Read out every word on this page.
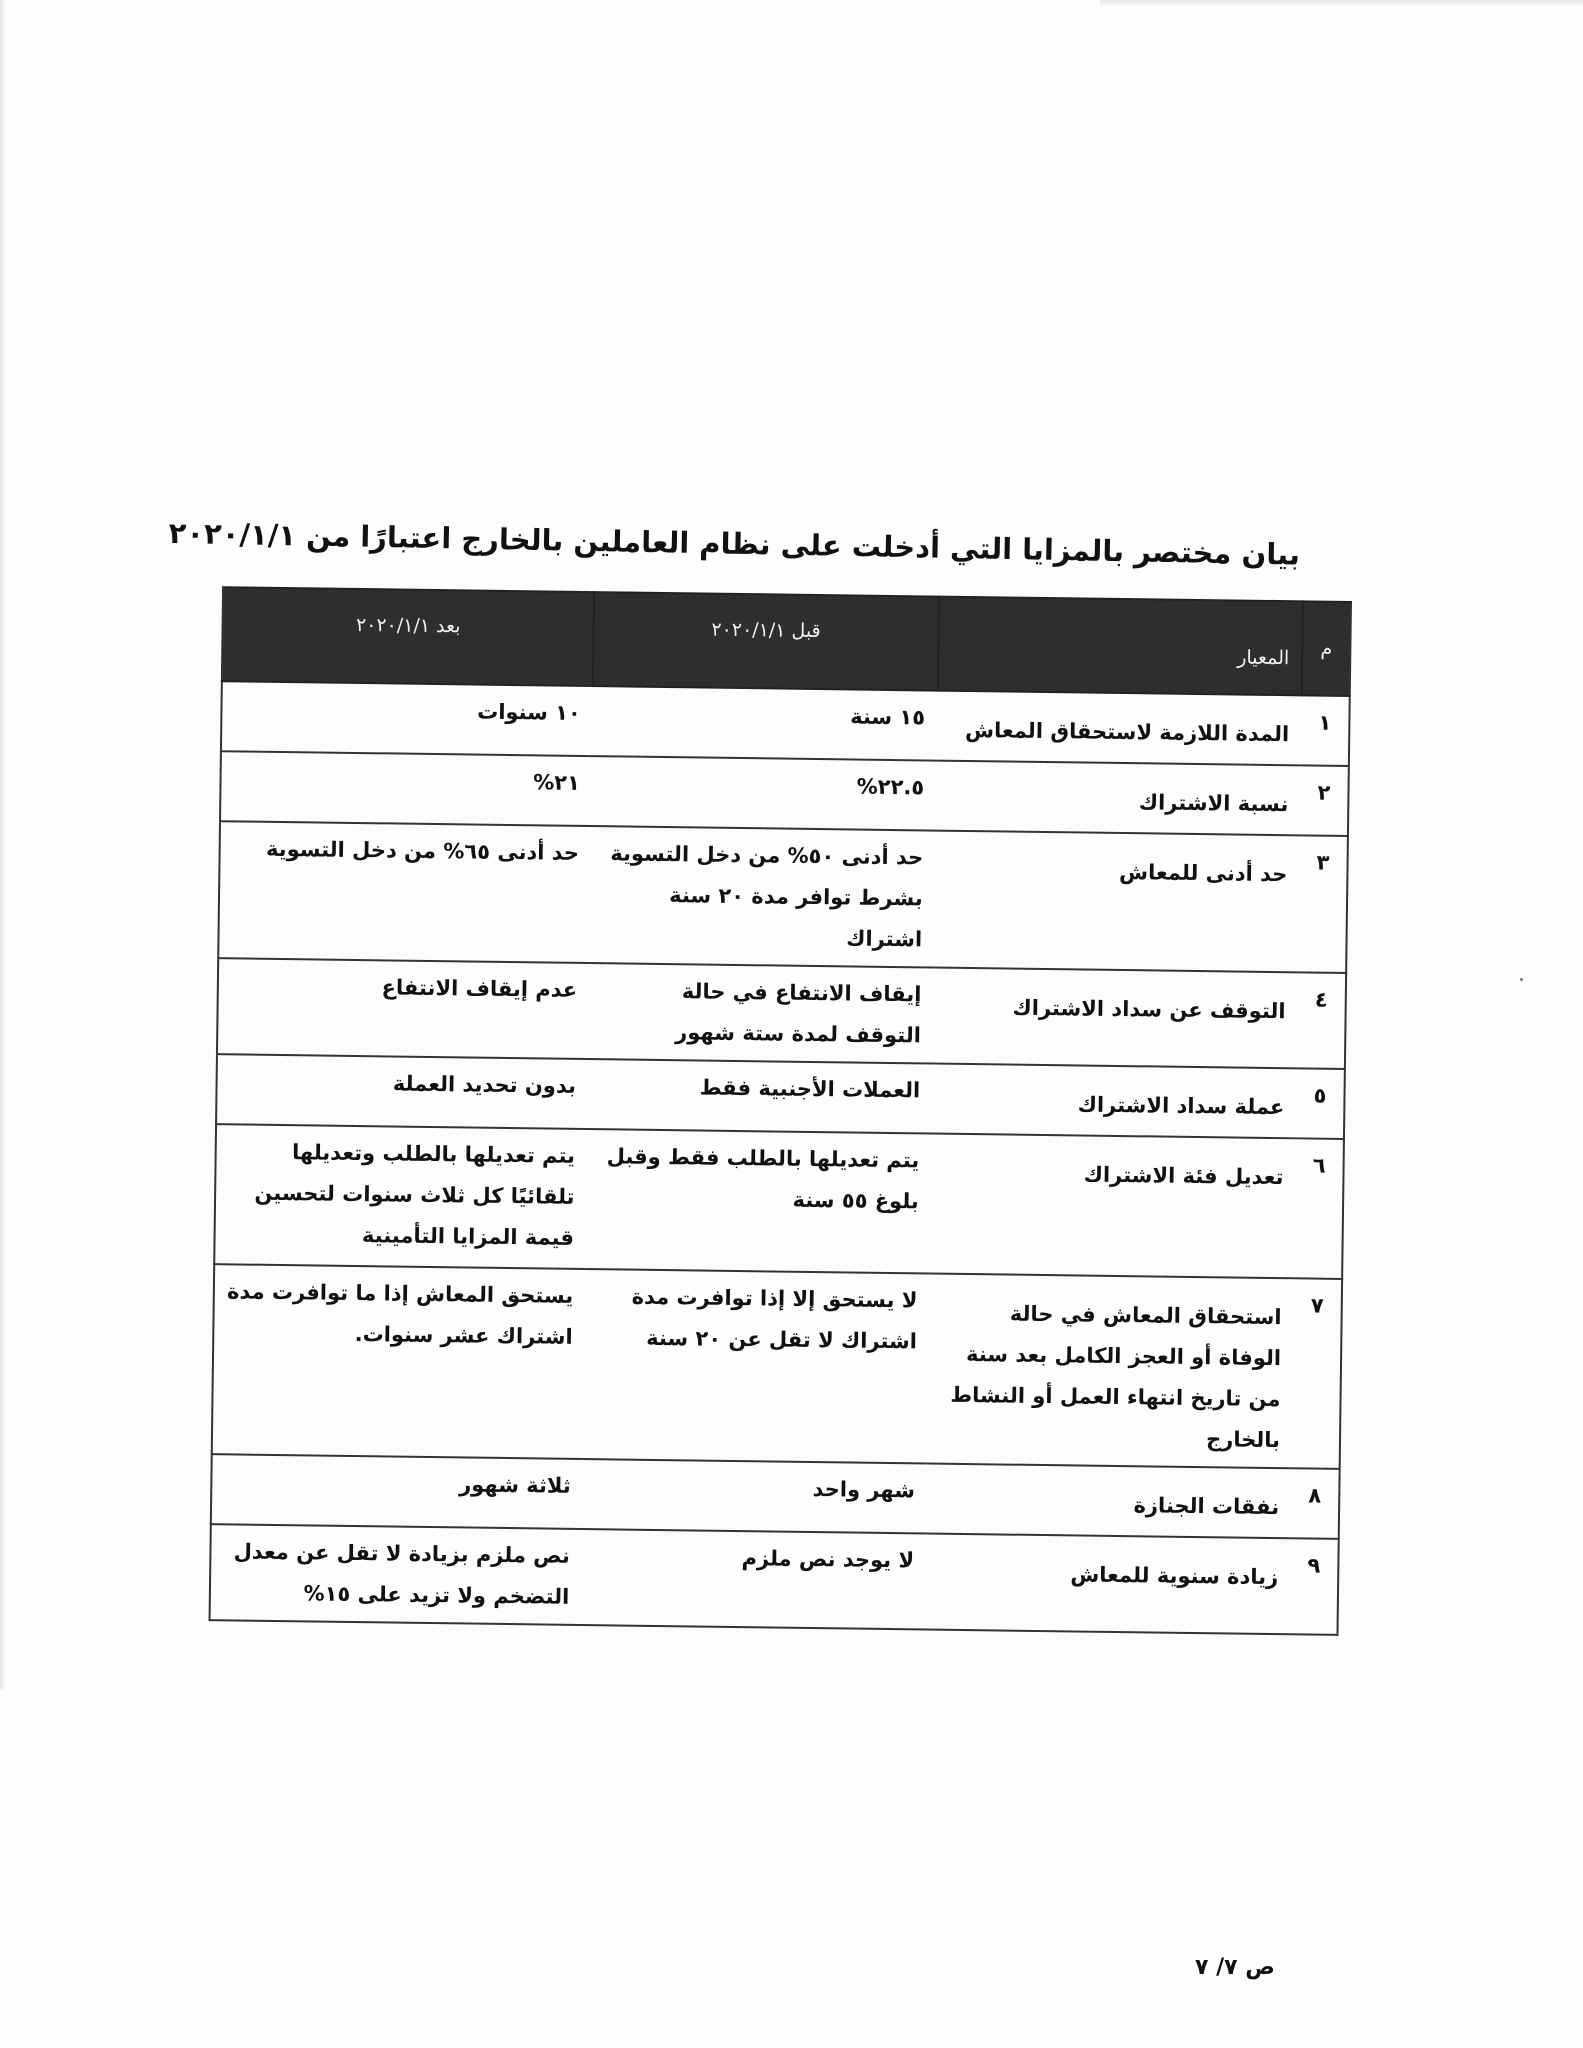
بيان مختصر بالمزايا التي أدخلت على نظام العاملين بالخارج اعتبارًا من ٢٠٢٠/١/١
م	المعيار	قبل ٢٠٢٠/١/١	بعد ٢٠٢٠/١/١
١	المدة اللازمة لاستحقاق المعاش	١٥ سنة	١٠ سنوات
٢	نسبة الاشتراك	٢٢.٥%	٢١%
٣	حد أدنى للمعاش	حد أدنى ٥٠% من دخل التسوية بشرط توافر مدة ٢٠ سنة اشتراك	حد أدنى ٦٥% من دخل التسوية
٤	التوقف عن سداد الاشتراك	إيقاف الانتفاع في حالة التوقف لمدة ستة شهور	عدم إيقاف الانتفاع
٥	عملة سداد الاشتراك	العملات الأجنبية فقط	بدون تحديد العملة
٦	تعديل فئة الاشتراك	يتم تعديلها بالطلب فقط وقبل بلوغ ٥٥ سنة	يتم تعديلها بالطلب وتعديلها تلقائيًا كل ثلاث سنوات لتحسين قيمة المزايا التأمينية
٧	استحقاق المعاش في حالة الوفاة أو العجز الكامل بعد سنة من تاريخ انتهاء العمل أو النشاط بالخارج	لا يستحق إلا إذا توافرت مدة اشتراك لا تقل عن ٢٠ سنة	يستحق المعاش إذا ما توافرت مدة اشتراك عشر سنوات.
٨	نفقات الجنازة	شهر واحد	ثلاثة شهور
٩	زيادة سنوية للمعاش	لا يوجد نص ملزم	نص ملزم بزيادة لا تقل عن معدل التضخم ولا تزيد على ١٥%
ص ٧/ ٧
